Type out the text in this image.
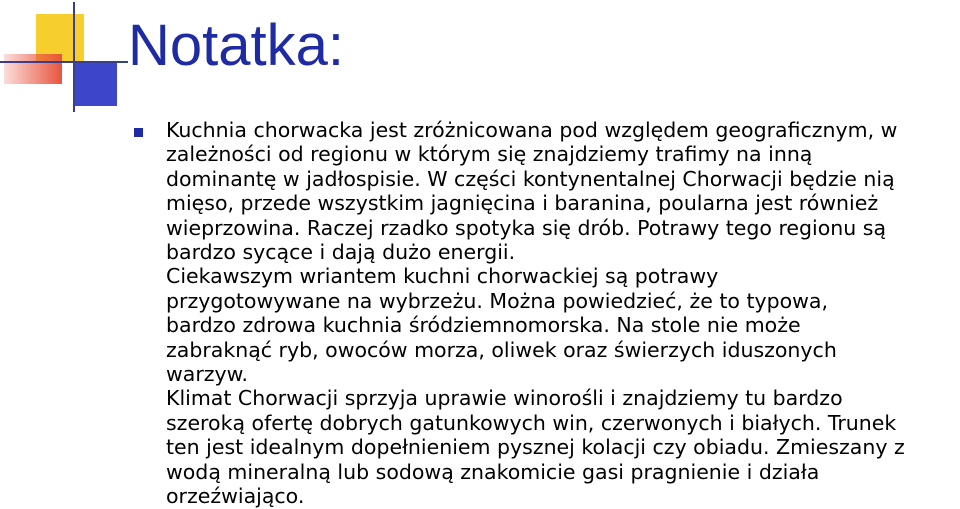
Notatka:

Kuchnia chorwacka jest zróżnicowana pod względem geograficznym, w
zależności od regionu w którym się znajdziemy trafimy na inną
dominantę w jadłospisie. W części kontynentalnej Chorwacji będzie nią
mięso, przede wszystkim jagnięcina i baranina, poularna jest również
wieprzowina. Raczej rzadko spotyka się drób. Potrawy tego regionu są
bardzo sycące i dają dużo energii.
Ciekawszym wriantem kuchni chorwackiej są potrawy
przygotowywane na wybrzeżu. Można powiedzieć, że to typowa,
bardzo zdrowa kuchnia śródziemnomorska. Na stole nie może
zabraknąć ryb, owoców morza, oliwek oraz świerzych iduszonych
warzyw.
Klimat Chorwacji sprzyja uprawie winorośli i znajdziemy tu bardzo
szeroką ofertę dobrych gatunkowych win, czerwonych i białych. Trunek
ten jest idealnym dopełnieniem pysznej kolacji czy obiadu. Zmieszany z
wodą mineralną lub sodową znakomicie gasi pragnienie i działa
orzeźwiająco.
